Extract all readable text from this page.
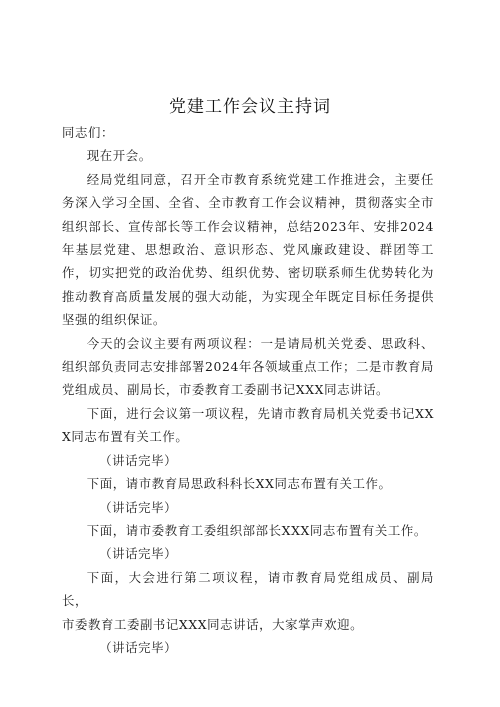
党建工作会议主持词

同志们：

现在开会。

经局党组同意，召开全市教育系统党建工作推进会，主要任务深入学习全国、全省、全市教育工作会议精神，贯彻落实全市组织部长、宣传部长等工作会议精神，总结2023年、安排2024年基层党建、思想政治、意识形态、党风廉政建设、群团等工作，切实把党的政治优势、组织优势、密切联系师生优势转化为推动教育高质量发展的强大动能，为实现全年既定目标任务提供坚强的组织保证。

今天的会议主要有两项议程：一是请局机关党委、思政科、组织部负责同志安排部署2024年各领域重点工作；二是市教育局党组成员、副局长，市委教育工委副书记XXX同志讲话。

下面，进行会议第一项议程，先请市教育局机关党委书记XXX同志布置有关工作。

（讲话完毕）

下面，请市教育局思政科科长XX同志布置有关工作。

（讲话完毕）

下面，请市委教育工委组织部部长XXX同志布置有关工作。

（讲话完毕）

下面，大会进行第二项议程，请市教育局党组成员、副局长，

市委教育工委副书记XXX同志讲话，大家掌声欢迎。

（讲话完毕）
